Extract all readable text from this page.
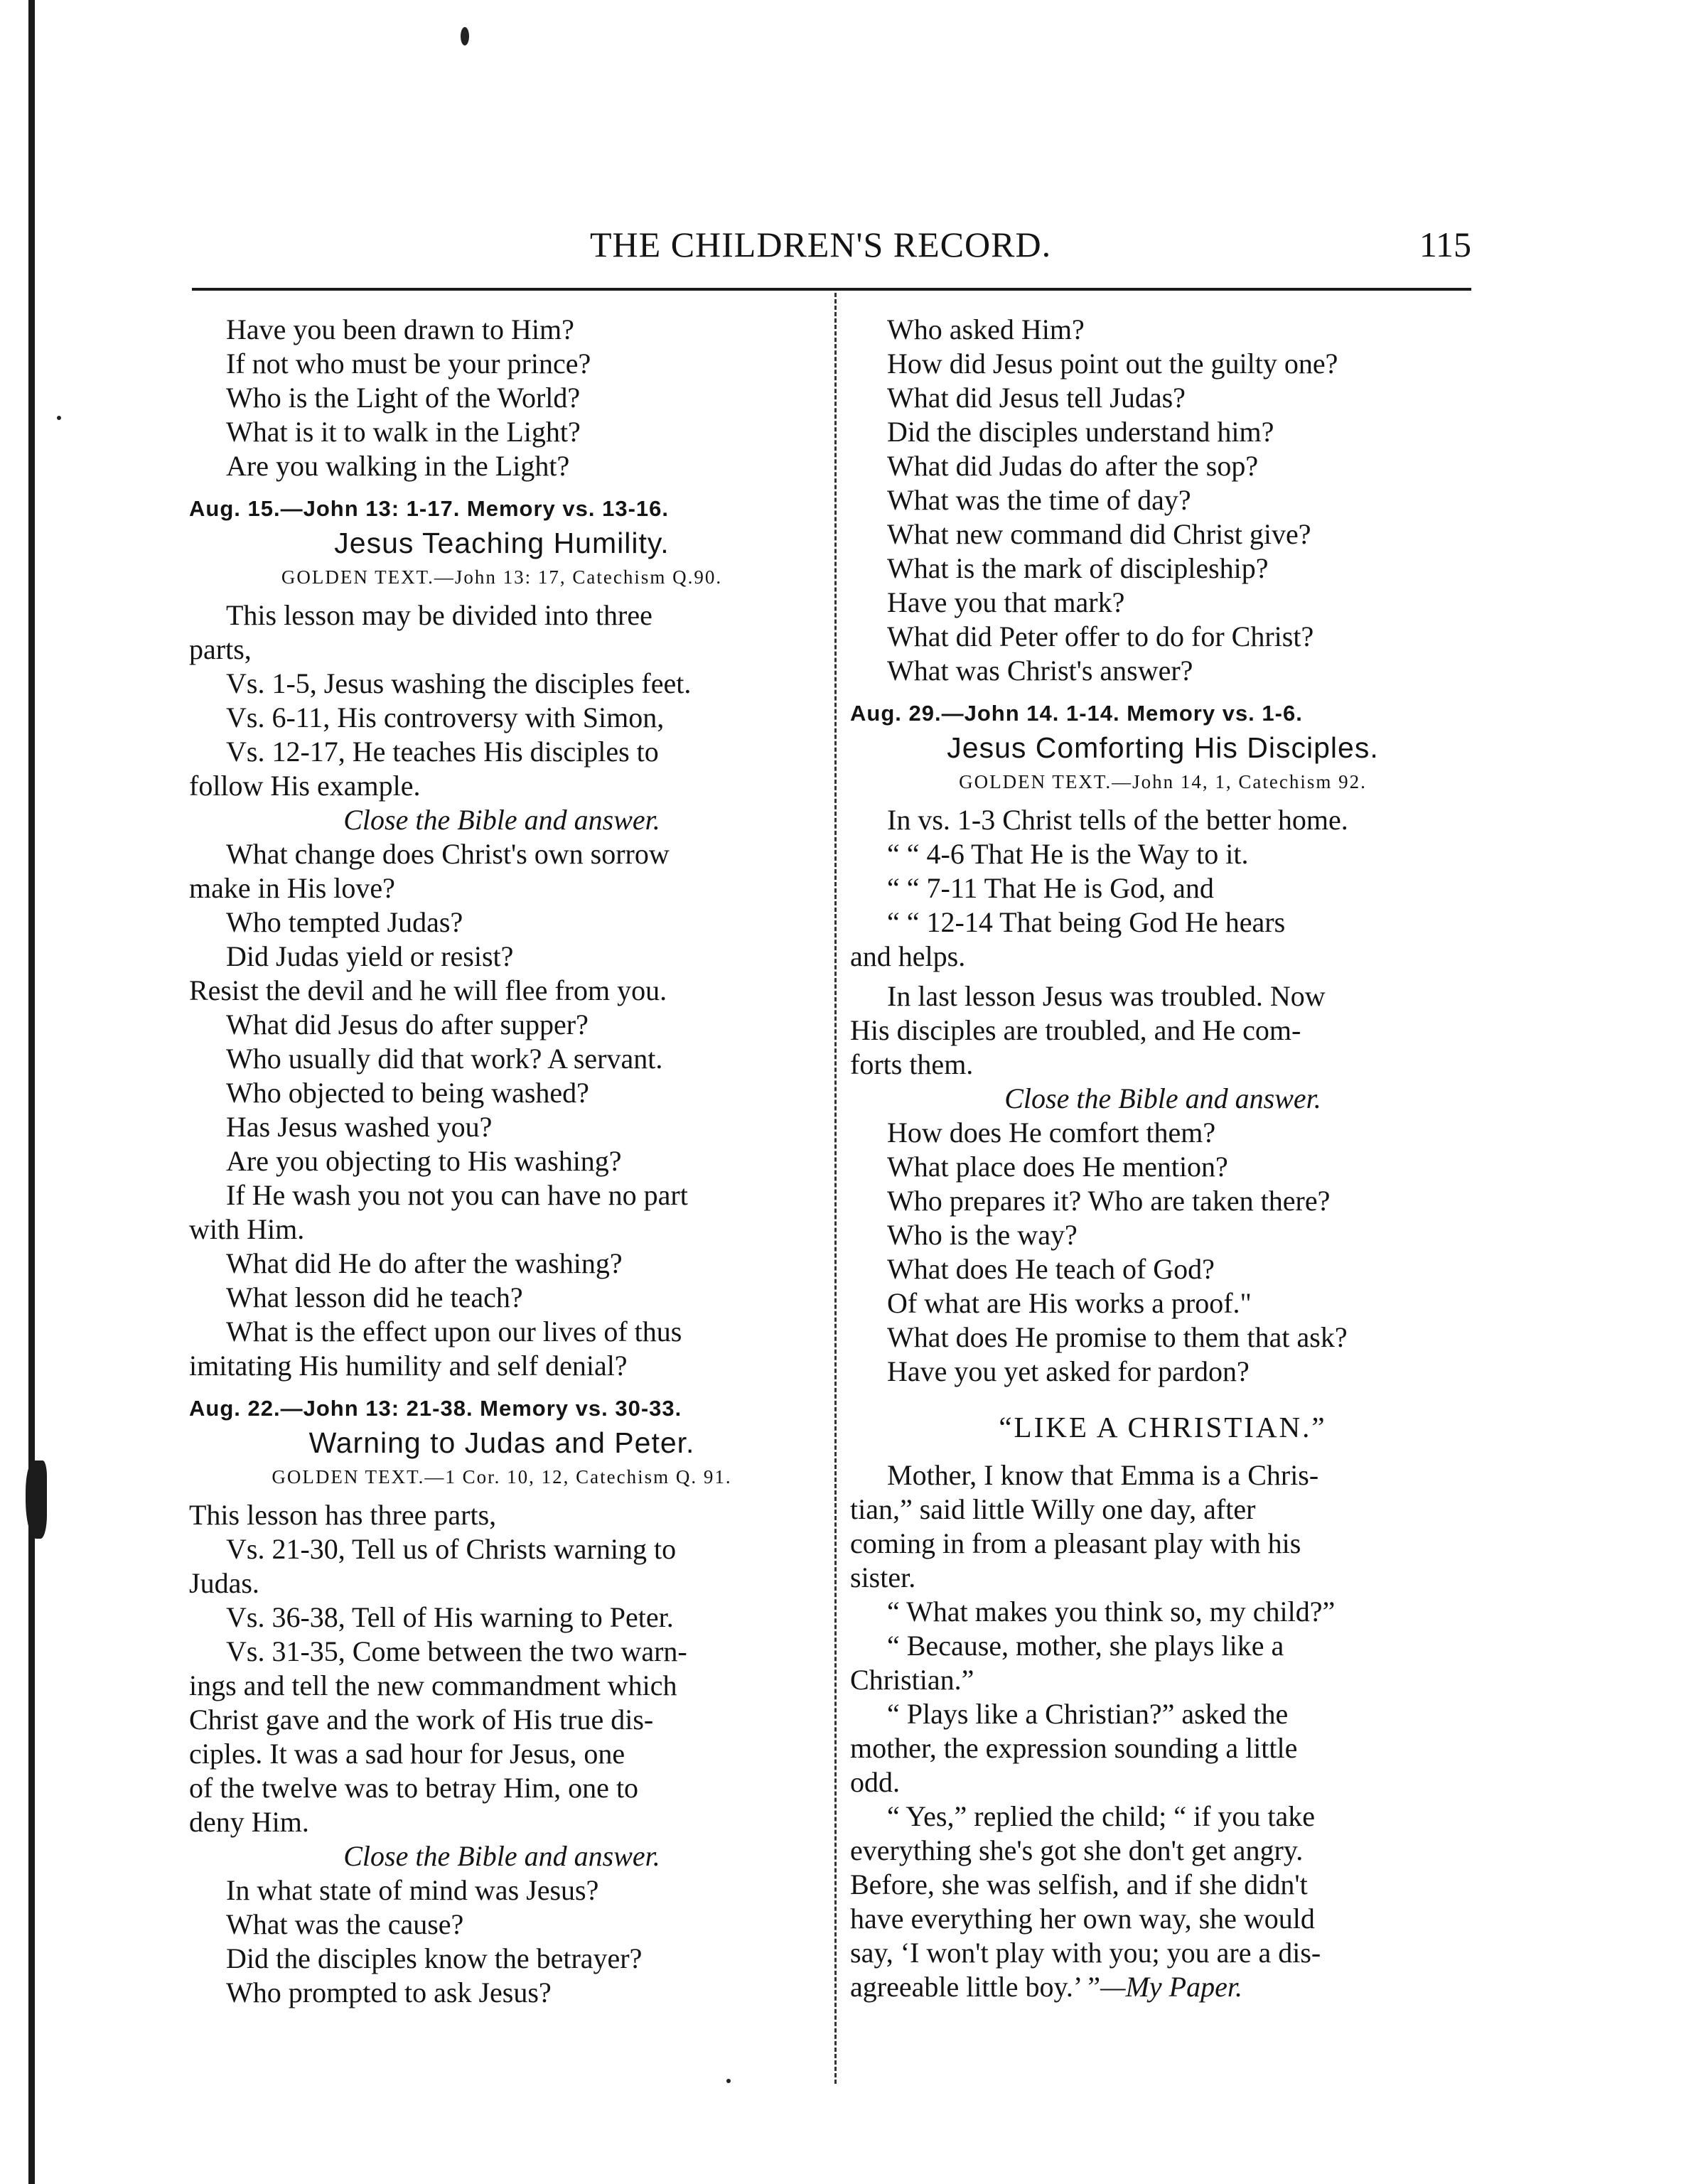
THE CHILDREN'S RECORD.	115
Have you been drawn to Him?
If not who must be your prince?
Who is the Light of the World?
What is it to walk in the Light?
Are you walking in the Light?
Aug. 15.—John 13: 1-17. Memory vs. 13-16.
Jesus Teaching Humility.
GOLDEN TEXT.—John 13: 17, Catechism Q.90.
This lesson may be divided into three
parts,
Vs. 1-5, Jesus washing the disciples feet.
Vs. 6-11, His controversy with Simon,
Vs. 12-17, He teaches His disciples to
follow His example.
Close the Bible and answer.
What change does Christ's own sorrow
make in His love?
Who tempted Judas?
Did Judas yield or resist?
Resist the devil and he will flee from you.
What did Jesus do after supper?
Who usually did that work? A servant.
Who objected to being washed?
Has Jesus washed you?
Are you objecting to His washing?
If He wash you not you can have no part
with Him.
What did He do after the washing?
What lesson did he teach?
What is the effect upon our lives of thus
imitating His humility and self denial?
Aug. 22.—John 13: 21-38. Memory vs. 30-33.
Warning to Judas and Peter.
GOLDEN TEXT.—1 Cor. 10, 12, Catechism Q. 91.
This lesson has three parts,
Vs. 21-30, Tell us of Christs warning to
Judas.
Vs. 36-38, Tell of His warning to Peter.
Vs. 31-35, Come between the two warn-
ings and tell the new commandment which
Christ gave and the work of His true dis-
ciples. It was a sad hour for Jesus, one
of the twelve was to betray Him, one to
deny Him.
Close the Bible and answer.
In what state of mind was Jesus?
What was the cause?
Did the disciples know the betrayer?
Who prompted to ask Jesus?
Who asked Him?
How did Jesus point out the guilty one?
What did Jesus tell Judas?
Did the disciples understand him?
What did Judas do after the sop?
What was the time of day?
What new command did Christ give?
What is the mark of discipleship?
Have you that mark?
What did Peter offer to do for Christ?
What was Christ's answer?
Aug. 29.—John 14. 1-14. Memory vs. 1-6.
Jesus Comforting His Disciples.
GOLDEN TEXT.—John 14, 1, Catechism 92.
In vs. 1-3 Christ tells of the better home.
“ “ 4-6 That He is the Way to it.
“ “ 7-11 That He is God, and
“ “ 12-14 That being God He hears
and helps.
In last lesson Jesus was troubled. Now
His disciples are troubled, and He com-
forts them.
Close the Bible and answer.
How does He comfort them?
What place does He mention?
Who prepares it? Who are taken there?
Who is the way?
What does He teach of God?
Of what are His works a proof."
What does He promise to them that ask?
Have you yet asked for pardon?
“LIKE A CHRISTIAN.”
Mother, I know that Emma is a Chris-
tian,” said little Willy one day, after
coming in from a pleasant play with his
sister.
“ What makes you think so, my child?”
“ Because, mother, she plays like a
Christian.”
“ Plays like a Christian?” asked the
mother, the expression sounding a little
odd.
“ Yes,” replied the child; “ if you take
everything she's got she don't get angry.
Before, she was selfish, and if she didn't
have everything her own way, she would
say, ‘I won't play with you; you are a dis-
agreeable little boy.’ ”—My Paper.
